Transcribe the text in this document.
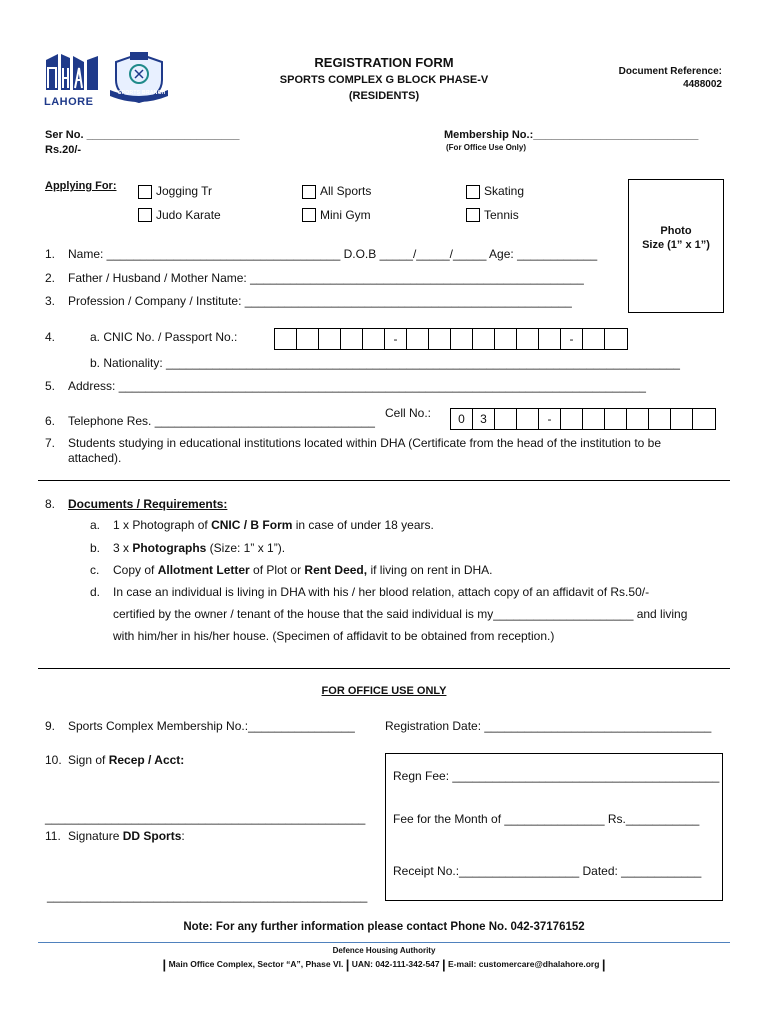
LAHORE
SPORTS BRANCH
REGISTRATION FORM
SPORTS COMPLEX G BLOCK PHASE-V
(RESIDENTS)
Document Reference:
4488002
Ser No. _________________________
Rs.20/-
Membership No.:___________________________
(For Office Use Only)
Applying For:	Jogging Tr	All Sports	Skating
Judo Karate	Mini Gym	Tennis
Photo
Size (1” x 1”)
1. Name: ___________________________________ D.O.B _____/_____/_____ Age: ____________
2. Father / Husband / Mother Name: __________________________________________________
3. Profession / Company / Institute: _________________________________________________
4.	a. CNIC No. / Passport No.:	-	-
b. Nationality: _____________________________________________________________________________
5. Address: _______________________________________________________________________________
6. Telephone Res. _________________________________
Cell No.:	0	3	-
7. Students studying in educational institutions located within DHA (Certificate from the head of the institution to be
attached).
8. Documents / Requirements:
a. 1 x Photograph of CNIC / B Form in case of under 18 years.
b. 3 x Photographs (Size: 1” x 1”).
c. Copy of Allotment Letter of Plot or Rent Deed, if living on rent in DHA.
d. In case an individual is living in DHA with his / her blood relation, attach copy of an affidavit of Rs.50/-
certified by the owner / tenant of the house that the said individual is my_____________________ and living
with him/her in his/her house. (Specimen of affidavit to be obtained from reception.)
FOR OFFICE USE ONLY
9. Sports Complex Membership No.:________________	Registration Date: __________________________________
10. Sign of Recep / Acct:
________________________________________________
11. Signature DD Sports:
________________________________________________
Regn Fee: ________________________________________
Fee for the Month of _______________ Rs.___________
Receipt No.:__________________ Dated: ____________
Note: For any further information please contact Phone No. 042-37176152
Defence Housing Authority
| Main Office Complex, Sector “A”, Phase VI. | UAN: 042-111-342-547 | E-mail: customercare@dhalahore.org |
